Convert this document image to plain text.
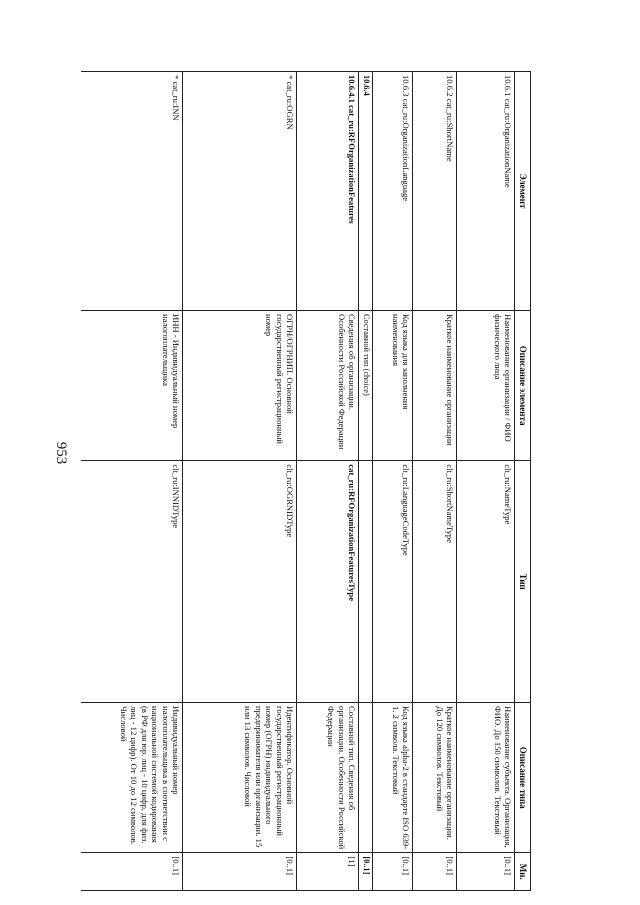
953
Элемент	Описание элемента	Тип	Описание типа	Мн.
10.6.1 cat_ru:OrganizationName	Наименование организации / ФИО физического лица	clt_ru:NameType	Наименование субъекта. Организация, ФИО. До 150 символов. Текстовый	[0..1]
10.6.2 cat_ru:ShortName	Краткое наименование организации	clt_ru:ShortNameType	Краткое наименование организации. До 120 символов. Текстовый	[0..1]
10.6.3 cat_ru:OrganizationLanguage	Код языка для заполнения наименования	clt_ru:LanguageCodeType	Код языка alpha-2 в стандарте ISO 639-1. 2 символа. Текстовый	[0..1]
10.6.4	Составной тип (choice)			[0..1]
10.6.4.1 cat_ru:RFOrganizationFeatures	Сведения об организации. Особенности Российской Федерации	cat_ru:RFOrganizationFeaturesType	Составной тип. Сведения об организации. Особенности Российской Федерации	[1]
* cat_ru:OGRN	ОГРН/ОГРНИП. Основной государственный регистрационный номер	clt_ru:OGRNIDType	Идентификатор. Основной государственный регистрационный номер (ОГРН) индивидуального предпринимателя или организации. 15 или 13 символов. Числовой	[0..1]
* cat_ru:INN	ИНН - Индивидуальный номер налогоплательщика	clt_ru:INNIDType	Индивидуальный номер налогоплательщика в соответствии с национальной системой кодирования (в РФ для юр. лиц - 10 цифр, для физ. лиц - 12 цифр). От 10 до 12 символов. Числовой	[0..1]
